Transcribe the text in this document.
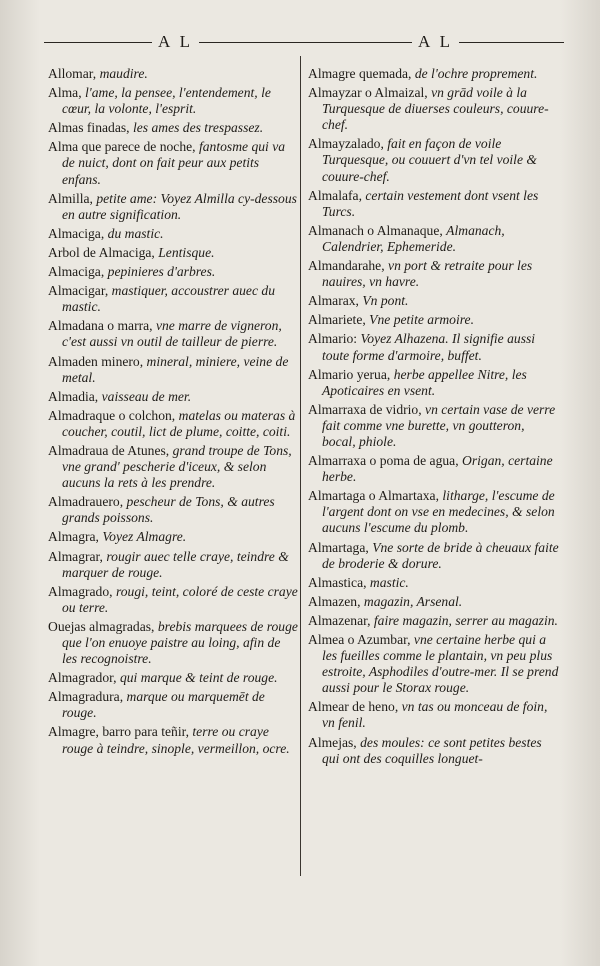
A L	A L
Allomar, maudire.
Alma, l'ame, la pensee, l'entendement, le cœur, la volonte, l'esprit.
Almas finadas, les ames des trespassez.
Alma que parece de noche, fantosme qui va de nuict, dont on fait peur aux petits enfans.
Almilla, petite ame: Voyez Almilla cy-dessous en autre signification.
Almaciga, du mastic.
Arbol de Almaciga, Lentisque.
Almaciga, pepinieres d'arbres.
Almacigar, mastiquer, accoustrer auec du mastic.
Almadana o marra, vne marre de vigneron, c'est aussi vn outil de tailleur de pierre.
Almaden minero, mineral, miniere, veine de metal.
Almadia, vaisseau de mer.
Almadraque o colchon, matelas ou materas à coucher, coutil, lict de plume, coitte, coiti.
Almadraua de Atunes, grand troupe de Tons, vne grand' pescherie d'iceux, & selon aucuns la rets à les prendre.
Almadrauero, pescheur de Tons, & autres grands poissons.
Almagra, Voyez Almagre.
Almagrar, rougir auec telle craye, teindre & marquer de rouge.
Almagrado, rougi, teint, coloré de ceste craye ou terre.
Ouejas almagradas, brebis marquees de rouge que l'on enuoye paistre au loing, afin de les recognoistre.
Almagrador, qui marque & teint de rouge.
Almagradura, marque ou marquemēt de rouge.
Almagre, barro para teñir, terre ou craye rouge à teindre, sinople, vermeillon, ocre.
Almagre quemada, de l'ochre proprement.
Almayzar o Almaizal, vn grād voile à la Turquesque de diuerses couleurs, couure-chef.
Almayzalado, fait en façon de voile Turquesque, ou couuert d'vn tel voile & couure-chef.
Almalafa, certain vestement dont vsent les Turcs.
Almanach o Almanaque, Almanach, Calendrier, Ephemeride.
Almandarahe, vn port & retraite pour les nauires, vn havre.
Almarax, Vn pont.
Almariete, Vne petite armoire.
Almario: Voyez Alhazena. Il signifie aussi toute forme d'armoire, buffet.
Almario yerua, herbe appellee Nitre, les Apoticaires en vsent.
Almarraxa de vidrio, vn certain vase de verre fait comme vne burette, vn goutteron, bocal, phiole.
Almarraxa o poma de agua, Origan, certaine herbe.
Almartaga o Almartaxa, litharge, l'escume de l'argent dont on vse en medecines, & selon aucuns l'escume du plomb.
Almartaga, Vne sorte de bride à cheuaux faite de broderie & dorure.
Almastica, mastic.
Almazen, magazin, Arsenal.
Almazenar, faire magazin, serrer au magazin.
Almea o Azumbar, vne certaine herbe qui a les fueilles comme le plantain, vn peu plus estroite, Asphodiles d'outre-mer. Il se prend aussi pour le Storax rouge.
Almear de heno, vn tas ou monceau de foin, vn fenil.
Almejas, des moules: ce sont petites bestes qui ont des coquilles longuet-
